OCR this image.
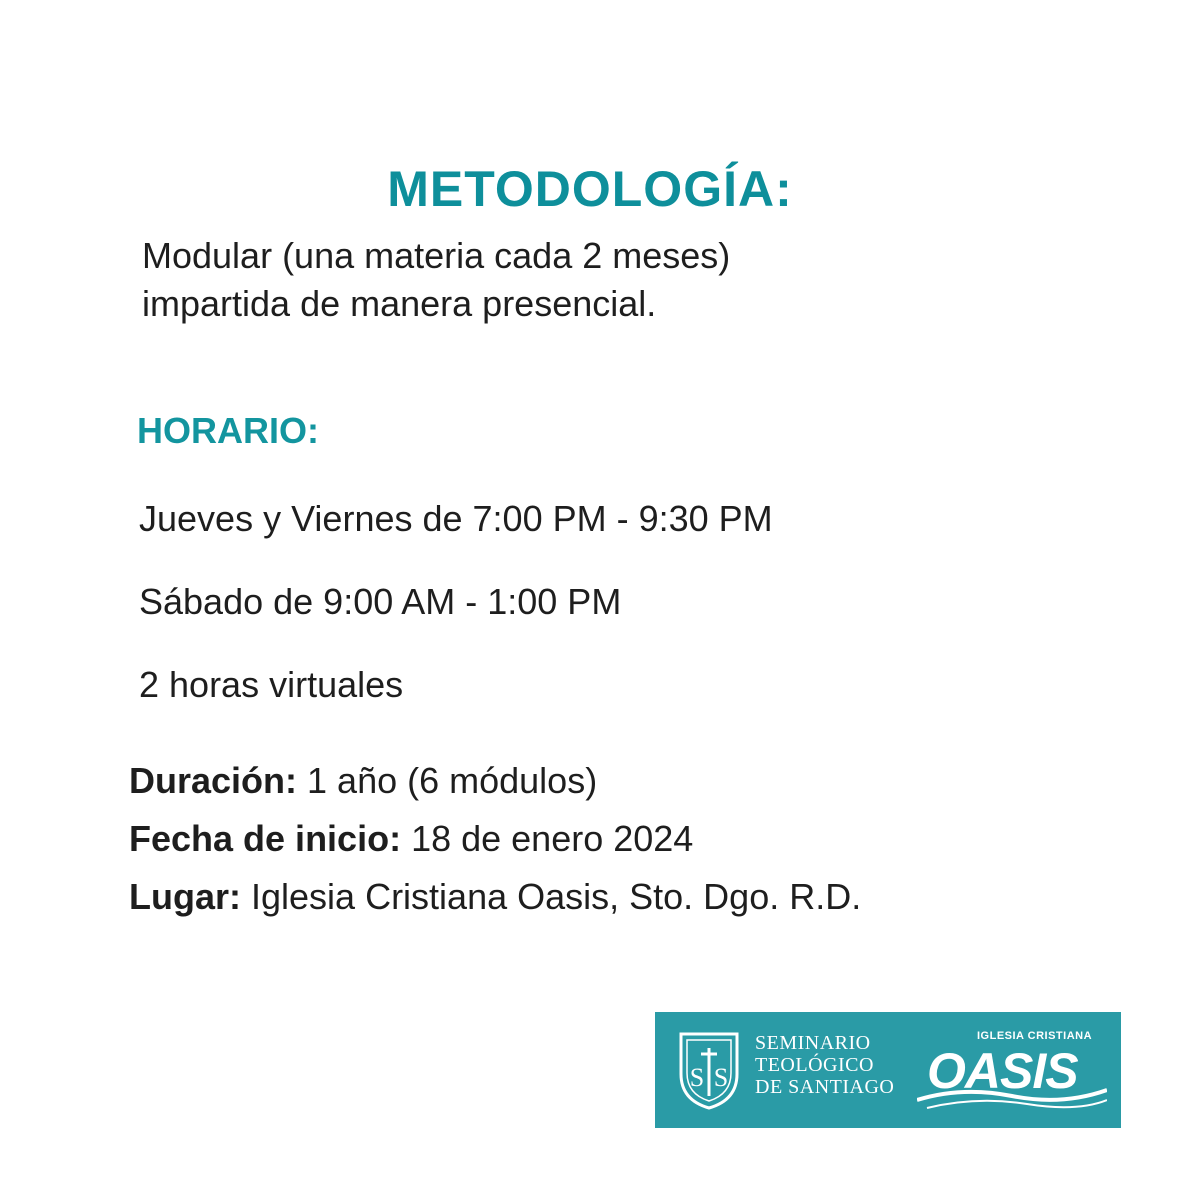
METODOLOGÍA:
Modular (una materia cada 2 meses)
impartida de manera presencial.
HORARIO:
Jueves y Viernes de 7:00 PM - 9:30 PM
Sábado de 9:00 AM - 1:00 PM
2 horas virtuales
Duración: 1 año (6 módulos)
Fecha de inicio: 18 de enero 2024
Lugar: Iglesia Cristiana Oasis, Sto. Dgo. R.D.
S S
SEMINARIO
TEOLÓGICO
DE SANTIAGO
IGLESIA CRISTIANA
OASIS
